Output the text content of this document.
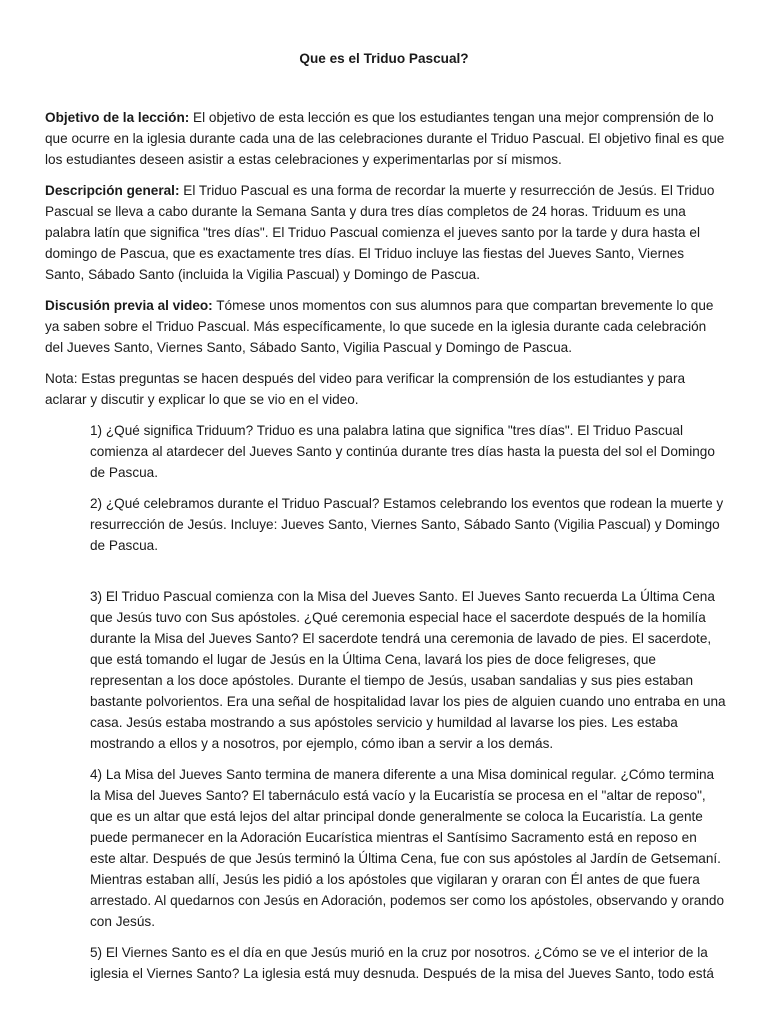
Que es el Triduo Pascual?

Objetivo de la lección: El objetivo de esta lección es que los estudiantes tengan una mejor comprensión de lo que ocurre en la iglesia durante cada una de las celebraciones durante el Triduo Pascual. El objetivo final es que los estudiantes deseen asistir a estas celebraciones y experimentarlas por sí mismos.

Descripción general: El Triduo Pascual es una forma de recordar la muerte y resurrección de Jesús. El Triduo Pascual se lleva a cabo durante la Semana Santa y dura tres días completos de 24 horas. Triduum es una palabra latín que significa "tres días". El Triduo Pascual comienza el jueves santo por la tarde y dura hasta el domingo de Pascua, que es exactamente tres días. El Triduo incluye las fiestas del Jueves Santo, Viernes Santo, Sábado Santo (incluida la Vigilia Pascual) y Domingo de Pascua.

Discusión previa al video: Tómese unos momentos con sus alumnos para que compartan brevemente lo que ya saben sobre el Triduo Pascual. Más específicamente, lo que sucede en la iglesia durante cada celebración del Jueves Santo, Viernes Santo, Sábado Santo, Vigilia Pascual y Domingo de Pascua.

Nota: Estas preguntas se hacen después del video para verificar la comprensión de los estudiantes y para aclarar y discutir y explicar lo que se vio en el video.

1) ¿Qué significa Triduum? Triduo es una palabra latina que significa "tres días". El Triduo Pascual comienza al atardecer del Jueves Santo y continúa durante tres días hasta la puesta del sol el Domingo de Pascua.

2) ¿Qué celebramos durante el Triduo Pascual? Estamos celebrando los eventos que rodean la muerte y resurrección de Jesús. Incluye: Jueves Santo, Viernes Santo, Sábado Santo (Vigilia Pascual) y Domingo de Pascua.

3) El Triduo Pascual comienza con la Misa del Jueves Santo. El Jueves Santo recuerda La Última Cena que Jesús tuvo con Sus apóstoles. ¿Qué ceremonia especial hace el sacerdote después de la homilía durante la Misa del Jueves Santo? El sacerdote tendrá una ceremonia de lavado de pies. El sacerdote, que está tomando el lugar de Jesús en la Última Cena, lavará los pies de doce feligreses, que representan a los doce apóstoles. Durante el tiempo de Jesús, usaban sandalias y sus pies estaban bastante polvorientos. Era una señal de hospitalidad lavar los pies de alguien cuando uno entraba en una casa. Jesús estaba mostrando a sus apóstoles servicio y humildad al lavarse los pies. Les estaba mostrando a ellos y a nosotros, por ejemplo, cómo iban a servir a los demás.

4) La Misa del Jueves Santo termina de manera diferente a una Misa dominical regular. ¿Cómo termina la Misa del Jueves Santo? El tabernáculo está vacío y la Eucaristía se procesa en el "altar de reposo", que es un altar que está lejos del altar principal donde generalmente se coloca la Eucaristía. La gente puede permanecer en la Adoración Eucarística mientras el Santísimo Sacramento está en reposo en este altar. Después de que Jesús terminó la Última Cena, fue con sus apóstoles al Jardín de Getsemaní. Mientras estaban allí, Jesús les pidió a los apóstoles que vigilaran y oraran con Él antes de que fuera arrestado. Al quedarnos con Jesús en Adoración, podemos ser como los apóstoles, observando y orando con Jesús.

5) El Viernes Santo es el día en que Jesús murió en la cruz por nosotros. ¿Cómo se ve el interior de la iglesia el Viernes Santo? La iglesia está muy desnuda. Después de la misa del Jueves Santo, todo está
